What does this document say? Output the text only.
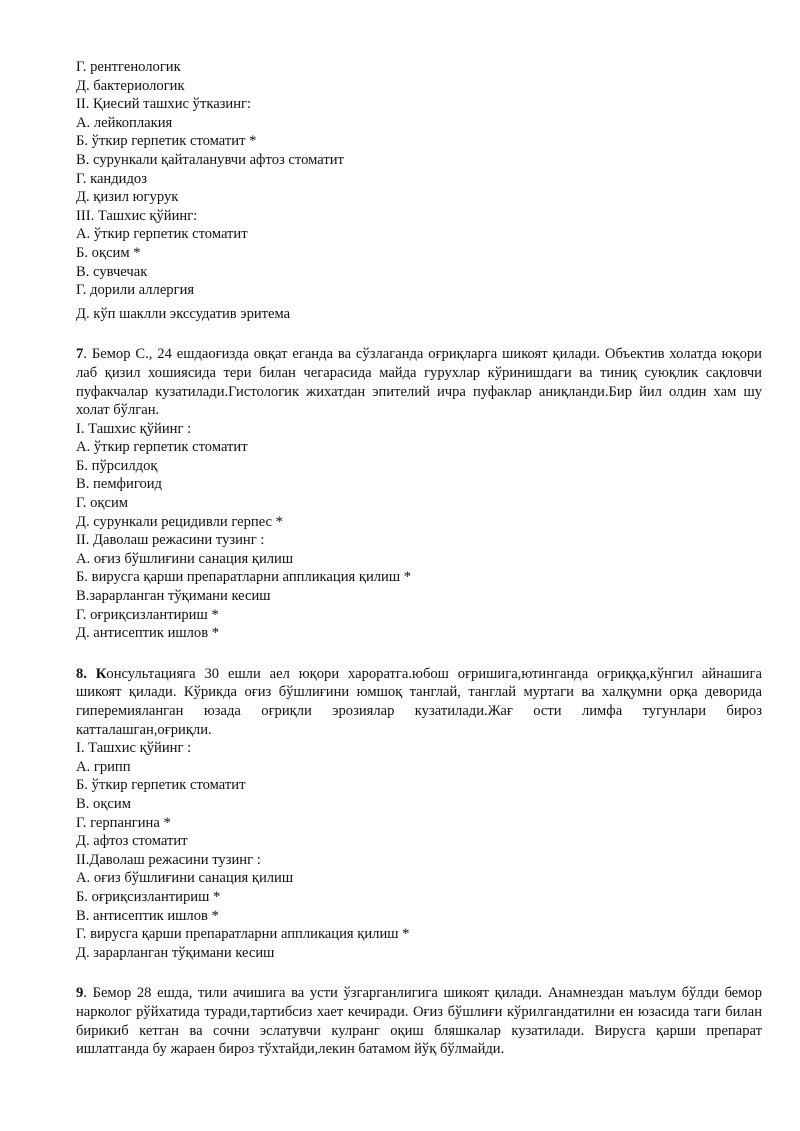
Г. рентгенологик
Д. бактериологик
II. Қиесий ташхис ўтказинг:
А. лейкоплакия
Б. ўткир герпетик стоматит *
В. сурункали қайталанувчи афтоз стоматит
Г. кандидоз
Д. қизил югурук
III. Ташхис қўйинг:
А. ўткир герпетик стоматит
Б. оқсим *
В. сувчечак
Г. дорили аллергия
Д. кўп шаклли экссудатив эритема
7. Бемор С., 24 ешдаоғизда овқат еганда ва сўзлаганда оғриқларга шикоят қилади. Объектив холатда юқори лаб қизил хошиясида тери билан чегарасида майда гурухлар кўринишдаги ва тиниқ суюқлик сақловчи пуфакчалар кузатилади.Гистологик жихатдан эпителий ичра пуфаклар аниқланди.Бир йил олдин хам шу холат бўлган.
I. Ташхис қўйинг :
А. ўткир герпетик стоматит
Б. пўрсилдоқ
В. пемфигоид
Г. оқсим
Д. сурункали рецидивли герпес *
II. Даволаш режасини тузинг :
А. оғиз бўшлиғини санация қилиш
Б. вирусга қарши препаратларни аппликация қилиш *
В.зарарланган тўқимани кесиш
Г. оғриқсизлантириш *
Д. антисептик ишлов *
8. Консультацияга 30 ешли аел юқори хароратга.юбош оғришига,ютинганда оғриққа,кўнгил айнашига шикоят қилади. Кўрикда оғиз бўшлиғини юмшоқ танглай, танглай муртаги ва халқумни орқа деворида гиперемияланган юзада оғриқли эрозиялар кузатилади.Жағ ости лимфа тугунлари бироз катталашган,оғриқли.
I. Ташхис қўйинг :
А. грипп
Б. ўткир герпетик стоматит
В. оқсим
Г. герпангина *
Д. афтоз стоматит
II.Даволаш режасини тузинг :
А. оғиз бўшлиғини санация қилиш
Б. оғриқсизлантириш *
В. антисептик ишлов *
Г. вирусга қарши препаратларни аппликация қилиш *
Д. зарарланган тўқимани кесиш
9. Бемор 28 ешда, тили ачишига ва усти ўзгарганлигига шикоят қилади. Анамнездан маълум бўлди бемор нарколог рўйхатида туради,тартибсиз хает кечиради. Оғиз бўшлиғи кўрилгандатилни ен юзасида таги билан бирикиб кетган ва сочни эслатувчи кулранг оқиш бляшкалар кузатилади. Вирусга қарши препарат ишлатганда бу жараен бироз тўхтайди,лекин батамом йўқ бўлмайди.
